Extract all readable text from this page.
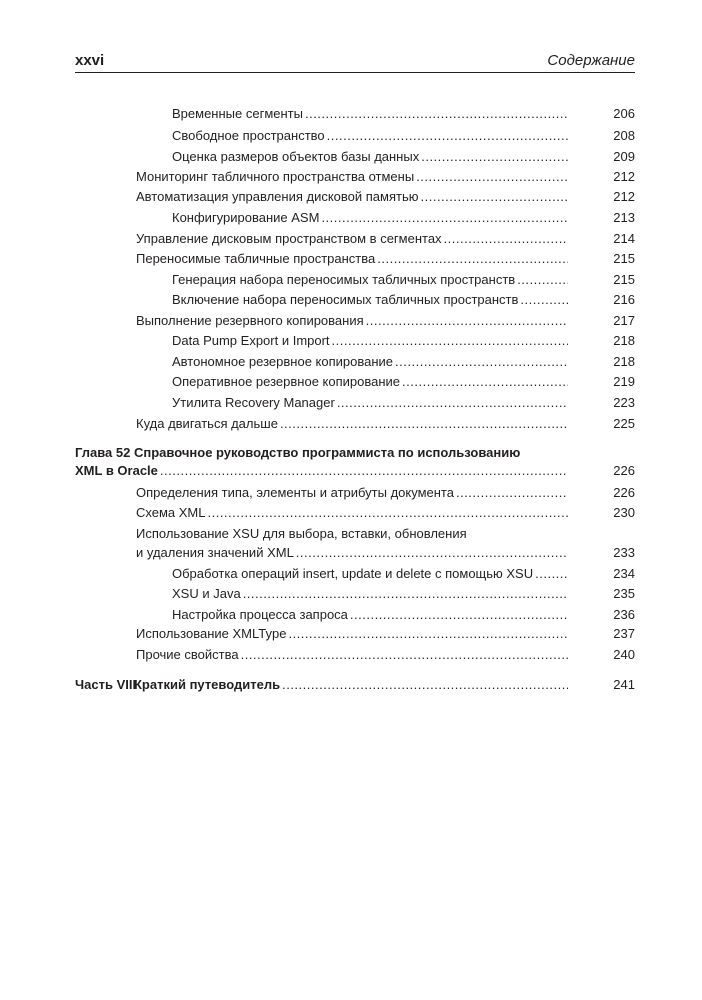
xxvi	Содержание
Временные сегменты .....	206
Свободное пространство .....	208
Оценка размеров объектов базы данных .....	209
Мониторинг табличного пространства отмены .....	212
Автоматизация управления дисковой памятью .....	212
Конфигурирование ASM .....	213
Управление дисковым пространством в сегментах .....	214
Переносимые табличные пространства .....	215
Генерация набора переносимых табличных пространств .....	215
Включение набора переносимых табличных пространств .....	216
Выполнение резервного копирования .....	217
Data Pump Export и Import .....	218
Автономное резервное копирование .....	218
Оперативное резервное копирование .....	219
Утилита Recovery Manager .....	223
Куда двигаться дальше .....	225
Глава 52 Справочное руководство программиста по использованию
XML в Oracle .....	226
Определения типа, элементы и атрибуты документа .....	226
Схема XML .....	230
Использование XSU для выбора, вставки, обновления
и удаления значений XML .....	233
Обработка операций insert, update и delete с помощью XSU .....	234
XSU и Java .....	235
Настройка процесса запроса .....	236
Использование XMLType .....	237
Прочие свойства .....	240
Часть VIII
Краткий путеводитель .....	241
